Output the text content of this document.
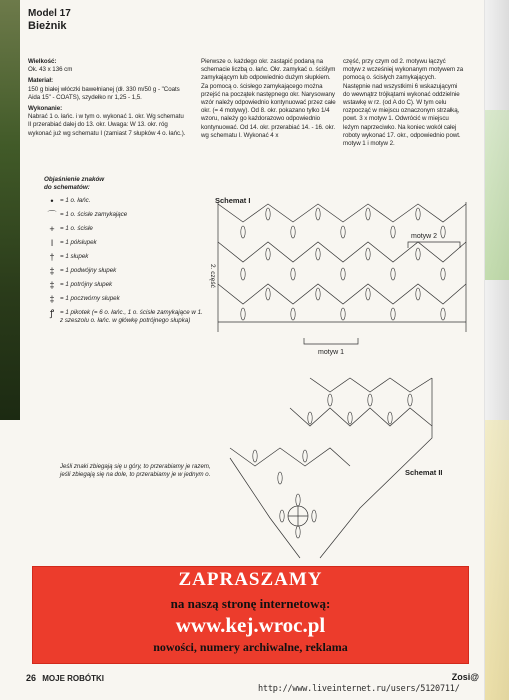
Model 17
Bieżnik
Wielkość:
Ok. 43 x 136 cm
Materiał:
150 g białej włóczki bawełnianej (dł. 330 m/50 g - "Coats Aida 15" - COATS), szydełko nr 1,25 - 1,5.
Wykonanie:
Nabrać 1 o. łańc. i w tym o. wykonać 1. okr. Wg schematu II przerabiać dalej do 13. okr. Uwaga: W 13. okr. róg wykonać już wg schematu I (zamiast 7 słupków 4 o. łańc.).
Pierwsze o. każdego okr. zastąpić podaną na schemacie liczbą o. łańc. Okr. zamykać o. ściślym zamykającym lub odpowiednio dużym słupkiem. Za pomocą o. ścisłego zamykającego można przejść na początek następnego okr. Narysowany wzór należy odpowiednio kontynuować przez całe okr. (= 4 motywy). Od 8. okr. pokazano tylko 1/4 wzoru, należy go każdorazowo odpowiednio kontynuować. Od 14. okr. przerabiać 14. - 16. okr. wg schematu I. Wykonać 4 x
część, przy czym od 2. motywu łączyć motyw z wcześniej wykonanym motywem za pomocą o. ścisłych zamykających. Następnie nad wszystkimi 6 wskazującymi do wewnątrz trójkątami wykonać oddzielnie wstawkę w rz. (od A do C). W tym celu rozpocząć w miejscu oznaczonym strzałką, powt. 3 x motyw 1. Odwrócić w miejscu leżym naprzeciwko. Na koniec wokół całej roboty wykonać 17. okr., odpowiednio powt. motyw 1 i motyw 2.
Objaśnienie znaków
do schematów:
•	= 1 o. łańc.
⌒ = 1 o. ścisłe zamykające
+ = 1 o. ścisłe
ǀ	= 1 półsłupek
† = 1 słupek
‡ = 1 podwójny słupek
‡ = 1 potrójny słupek
‡ = 1 poczwórny słupek
ꝭ = 1 pikotek (= 6 o. łańc., 1 o. ścisłe zamykające w 1. z szeszolu o. łańc. w główkę potrójnego słupka)
Jeśli znaki zbiegają się u góry, to przerabiamy je razem, jeśli zbiegają się na dole, to przerabiamy je w jednym o.
motyw 2
motyw 1
2. część
Schemat I
Schemat II
ZAPRASZAMY
na naszą stronę internetową:
www.kej.wroc.pl
nowości, numery archiwalne, reklama
26 MOJE ROBÓTKI	Zosi@
http://www.liveinternet.ru/users/5120711/
